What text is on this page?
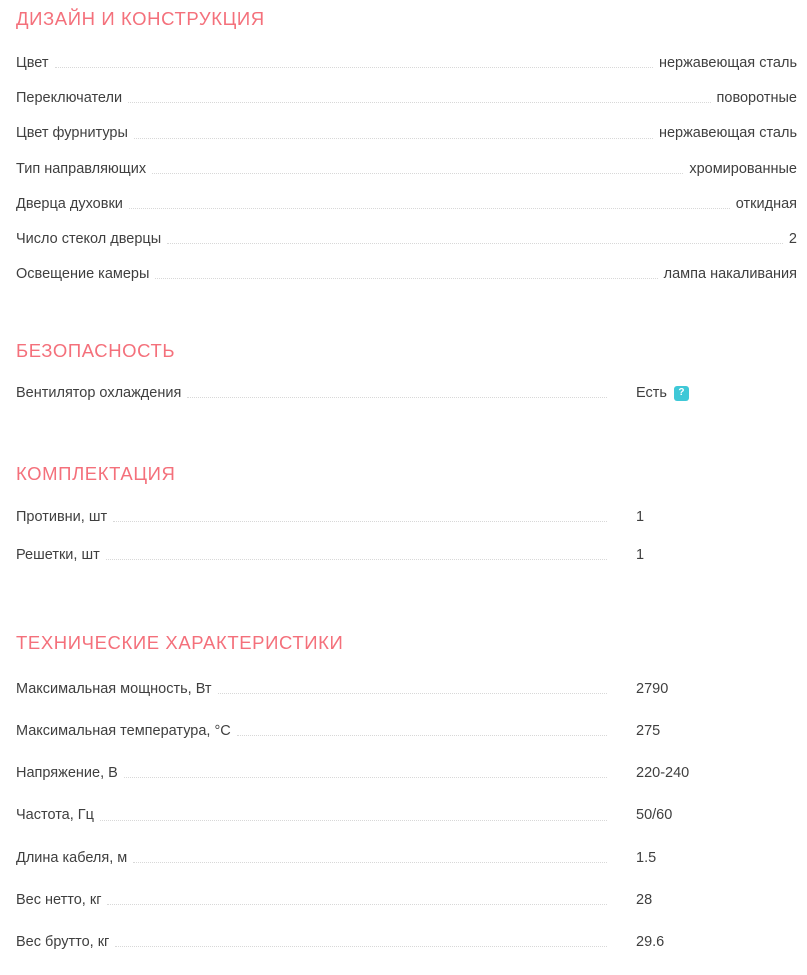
ДИЗАЙН И КОНСТРУКЦИЯ
Цвет	нержавеющая сталь
Переключатели	поворотные
Цвет фурнитуры	нержавеющая сталь
Тип направляющих	хромированные
Дверца духовки	откидная
Число стекол дверцы	2
Освещение камеры	лампа накаливания
БЕЗОПАСНОСТЬ
Вентилятор охлаждения	Есть	?
КОМПЛЕКТАЦИЯ
Противни, шт	1
Решетки, шт	1
ТЕХНИЧЕСКИЕ ХАРАКТЕРИСТИКИ
Максимальная мощность, Вт	2790
Максимальная температура, °C	275
Напряжение, В	220-240
Частота, Гц	50/60
Длина кабеля, м	1.5
Вес нетто, кг	28
Вес брутто, кг	29.6
